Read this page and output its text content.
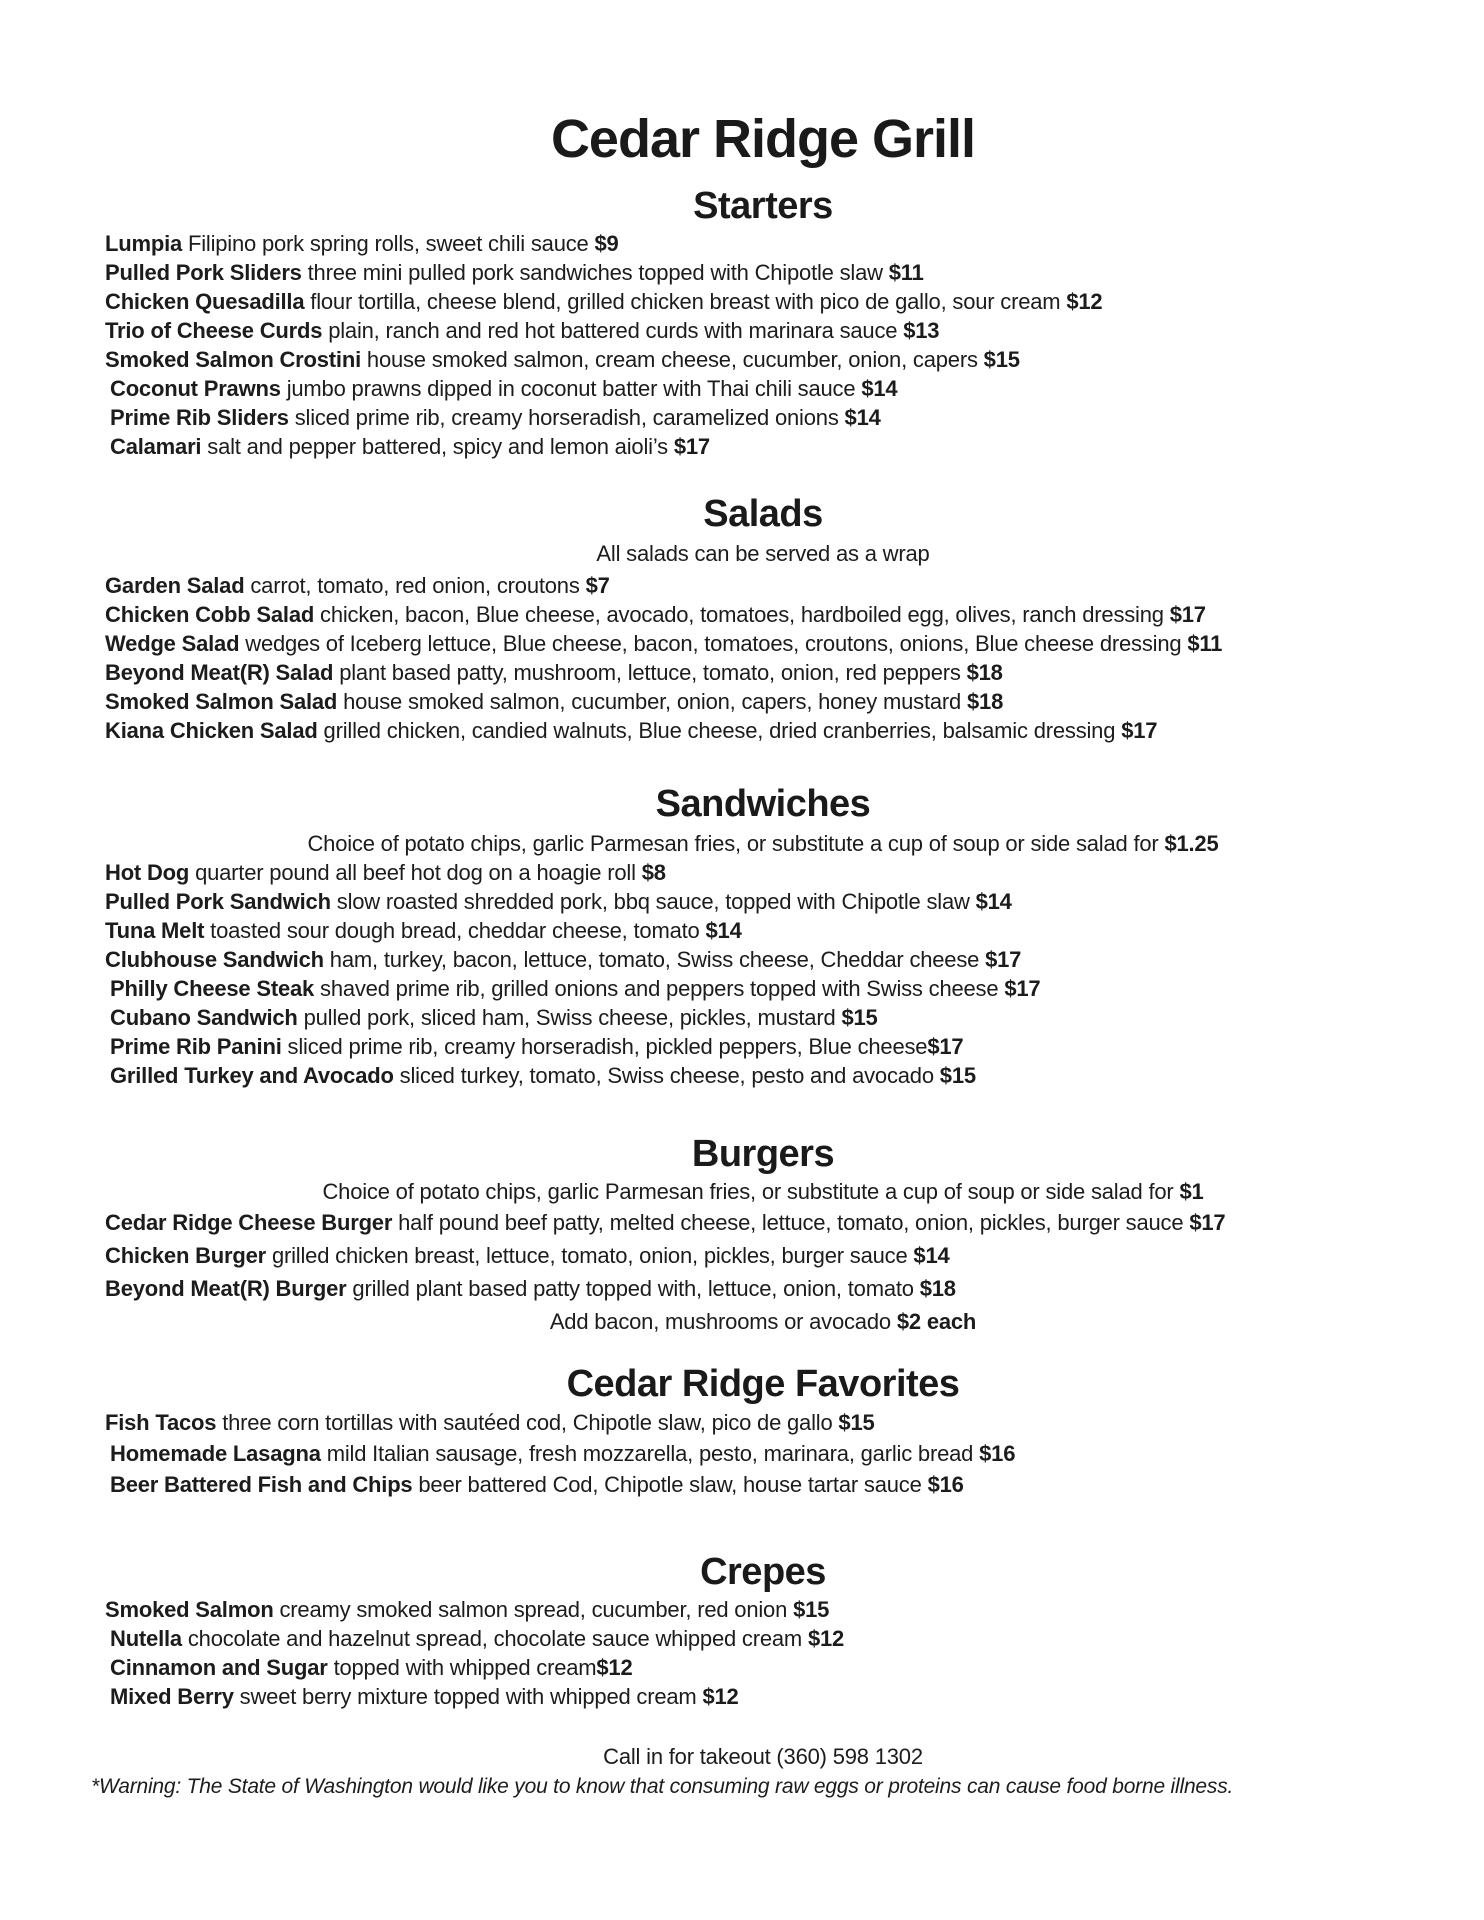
Cedar Ridge Grill
Starters
Lumpia Filipino pork spring rolls, sweet chili sauce $9
Pulled Pork Sliders three mini pulled pork sandwiches topped with Chipotle slaw $11
Chicken Quesadilla flour tortilla, cheese blend, grilled chicken breast with pico de gallo, sour cream $12
Trio of Cheese Curds plain, ranch and red hot battered curds with marinara sauce $13
Smoked Salmon Crostini house smoked salmon, cream cheese, cucumber, onion, capers $15
Coconut Prawns jumbo prawns dipped in coconut batter with Thai chili sauce $14
Prime Rib Sliders sliced prime rib, creamy horseradish, caramelized onions $14
Calamari salt and pepper battered, spicy and lemon aioli’s $17
Salads
All salads can be served as a wrap
Garden Salad carrot, tomato, red onion, croutons $7
Chicken Cobb Salad chicken, bacon, Blue cheese, avocado, tomatoes, hardboiled egg, olives, ranch dressing $17
Wedge Salad wedges of Iceberg lettuce, Blue cheese, bacon, tomatoes, croutons, onions, Blue cheese dressing $11
Beyond Meat(R) Salad plant based patty, mushroom, lettuce, tomato, onion, red peppers $18
Smoked Salmon Salad house smoked salmon, cucumber, onion, capers, honey mustard $18
Kiana Chicken Salad grilled chicken, candied walnuts, Blue cheese, dried cranberries, balsamic dressing $17
Sandwiches
Choice of potato chips, garlic Parmesan fries, or substitute a cup of soup or side salad for $1.25
Hot Dog quarter pound all beef hot dog on a hoagie roll $8
Pulled Pork Sandwich slow roasted shredded pork, bbq sauce, topped with Chipotle slaw $14
Tuna Melt toasted sour dough bread, cheddar cheese, tomato $14
Clubhouse Sandwich ham, turkey, bacon, lettuce, tomato, Swiss cheese, Cheddar cheese $17
Philly Cheese Steak shaved prime rib, grilled onions and peppers topped with Swiss cheese $17
Cubano Sandwich pulled pork, sliced ham, Swiss cheese, pickles, mustard $15
Prime Rib Panini sliced prime rib, creamy horseradish, pickled peppers, Blue cheese$17
Grilled Turkey and Avocado sliced turkey, tomato, Swiss cheese, pesto and avocado $15
Burgers
Choice of potato chips, garlic Parmesan fries, or substitute a cup of soup or side salad for $1
Cedar Ridge Cheese Burger half pound beef patty, melted cheese, lettuce, tomato, onion, pickles, burger sauce $17
Chicken Burger grilled chicken breast, lettuce, tomato, onion, pickles, burger sauce $14
Beyond Meat(R) Burger grilled plant based patty topped with, lettuce, onion, tomato $18
Add bacon, mushrooms or avocado $2 each
Cedar Ridge Favorites
Fish Tacos three corn tortillas with sautéed cod, Chipotle slaw, pico de gallo $15
Homemade Lasagna mild Italian sausage, fresh mozzarella, pesto, marinara, garlic bread $16
Beer Battered Fish and Chips beer battered Cod, Chipotle slaw, house tartar sauce $16
Crepes
Smoked Salmon creamy smoked salmon spread, cucumber, red onion $15
Nutella chocolate and hazelnut spread, chocolate sauce whipped cream $12
Cinnamon and Sugar topped with whipped cream$12
Mixed Berry sweet berry mixture topped with whipped cream $12
Call in for takeout (360) 598 1302
*Warning: The State of Washington would like you to know that consuming raw eggs or proteins can cause food borne illness.
